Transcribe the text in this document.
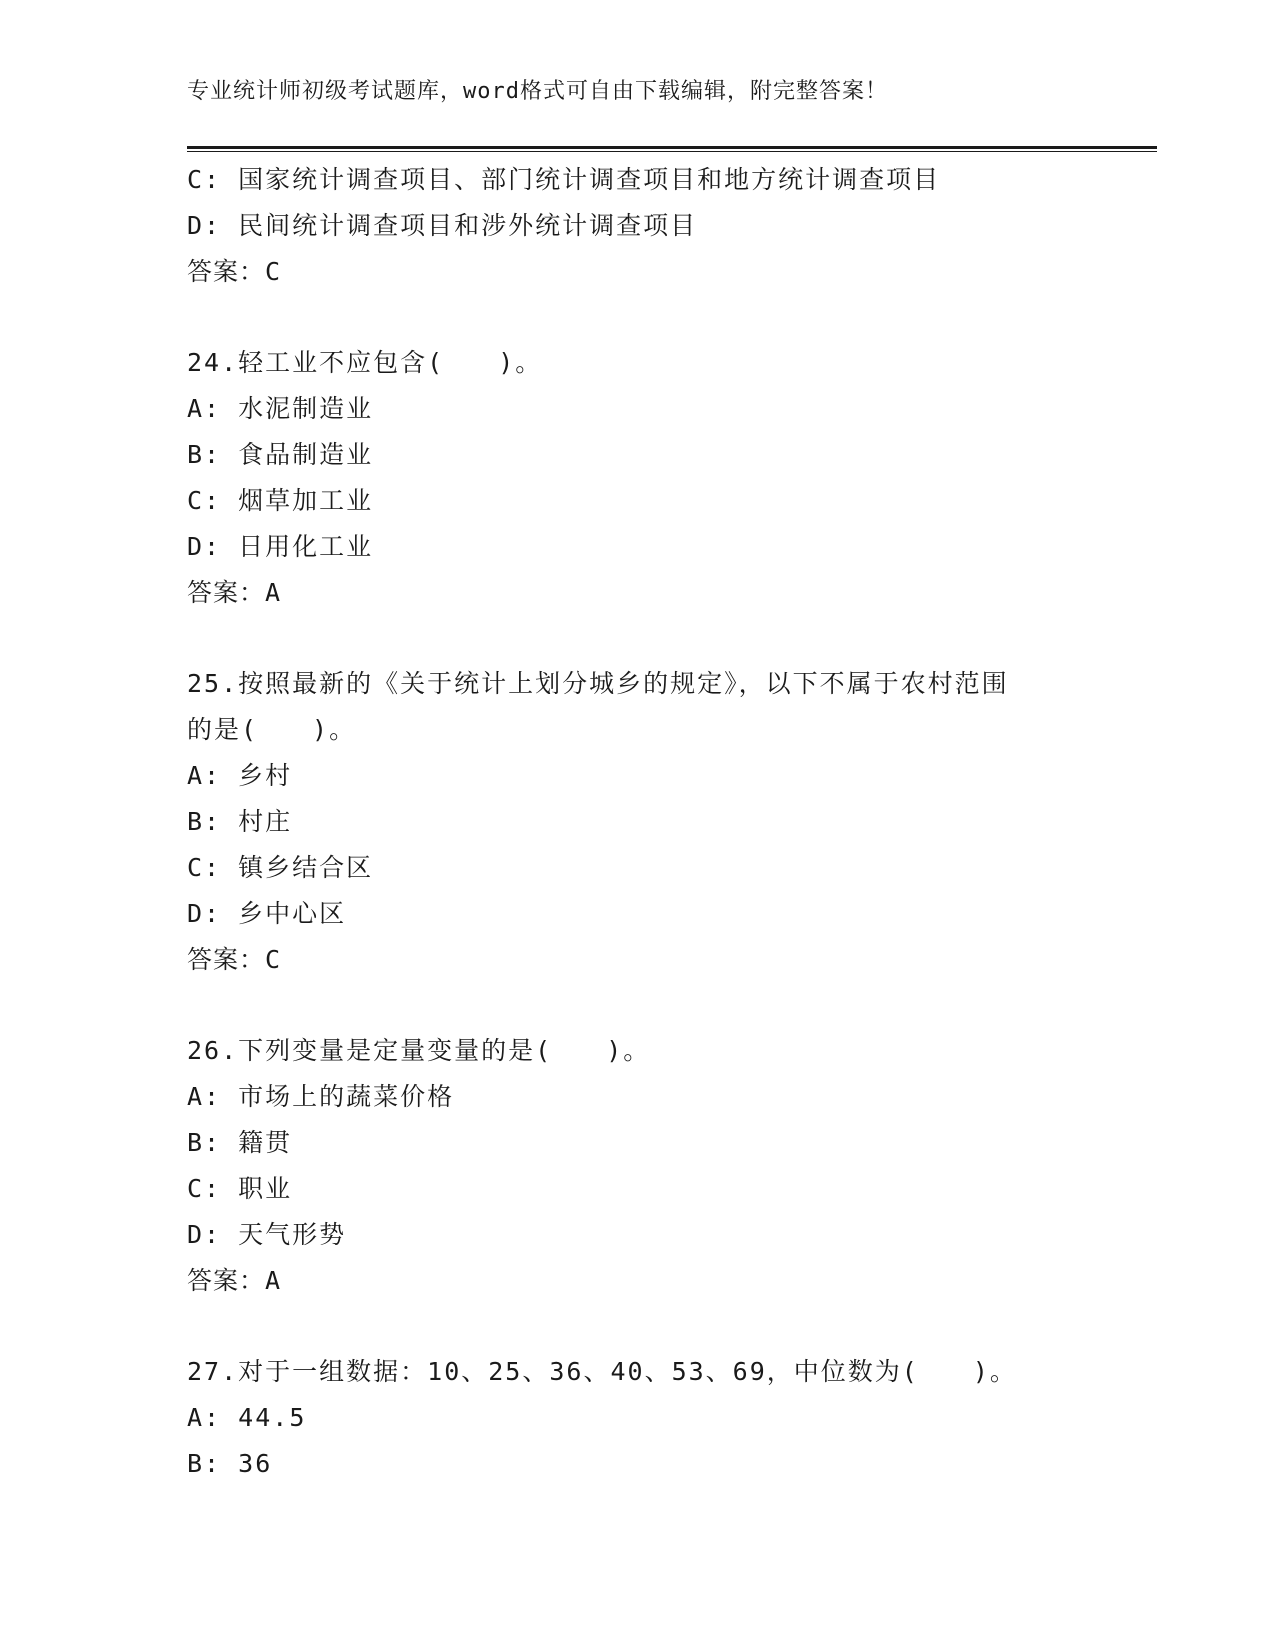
专业统计师初级考试题库，word格式可自由下载编辑，附完整答案！
C: 国家统计调查项目、部门统计调查项目和地方统计调查项目
D: 民间统计调查项目和涉外统计调查项目
答案：C
24.轻工业不应包含(　　)。
A: 水泥制造业
B: 食品制造业
C: 烟草加工业
D: 日用化工业
答案：A
25.按照最新的《关于统计上划分城乡的规定》，以下不属于农村范围
的是(　　)。
A: 乡村
B: 村庄
C: 镇乡结合区
D: 乡中心区
答案：C
26.下列变量是定量变量的是(　　)。
A: 市场上的蔬菜价格
B: 籍贯
C: 职业
D: 天气形势
答案：A
27.对于一组数据：10、25、36、40、53、69，中位数为(　　)。
A: 44.5
B: 36
